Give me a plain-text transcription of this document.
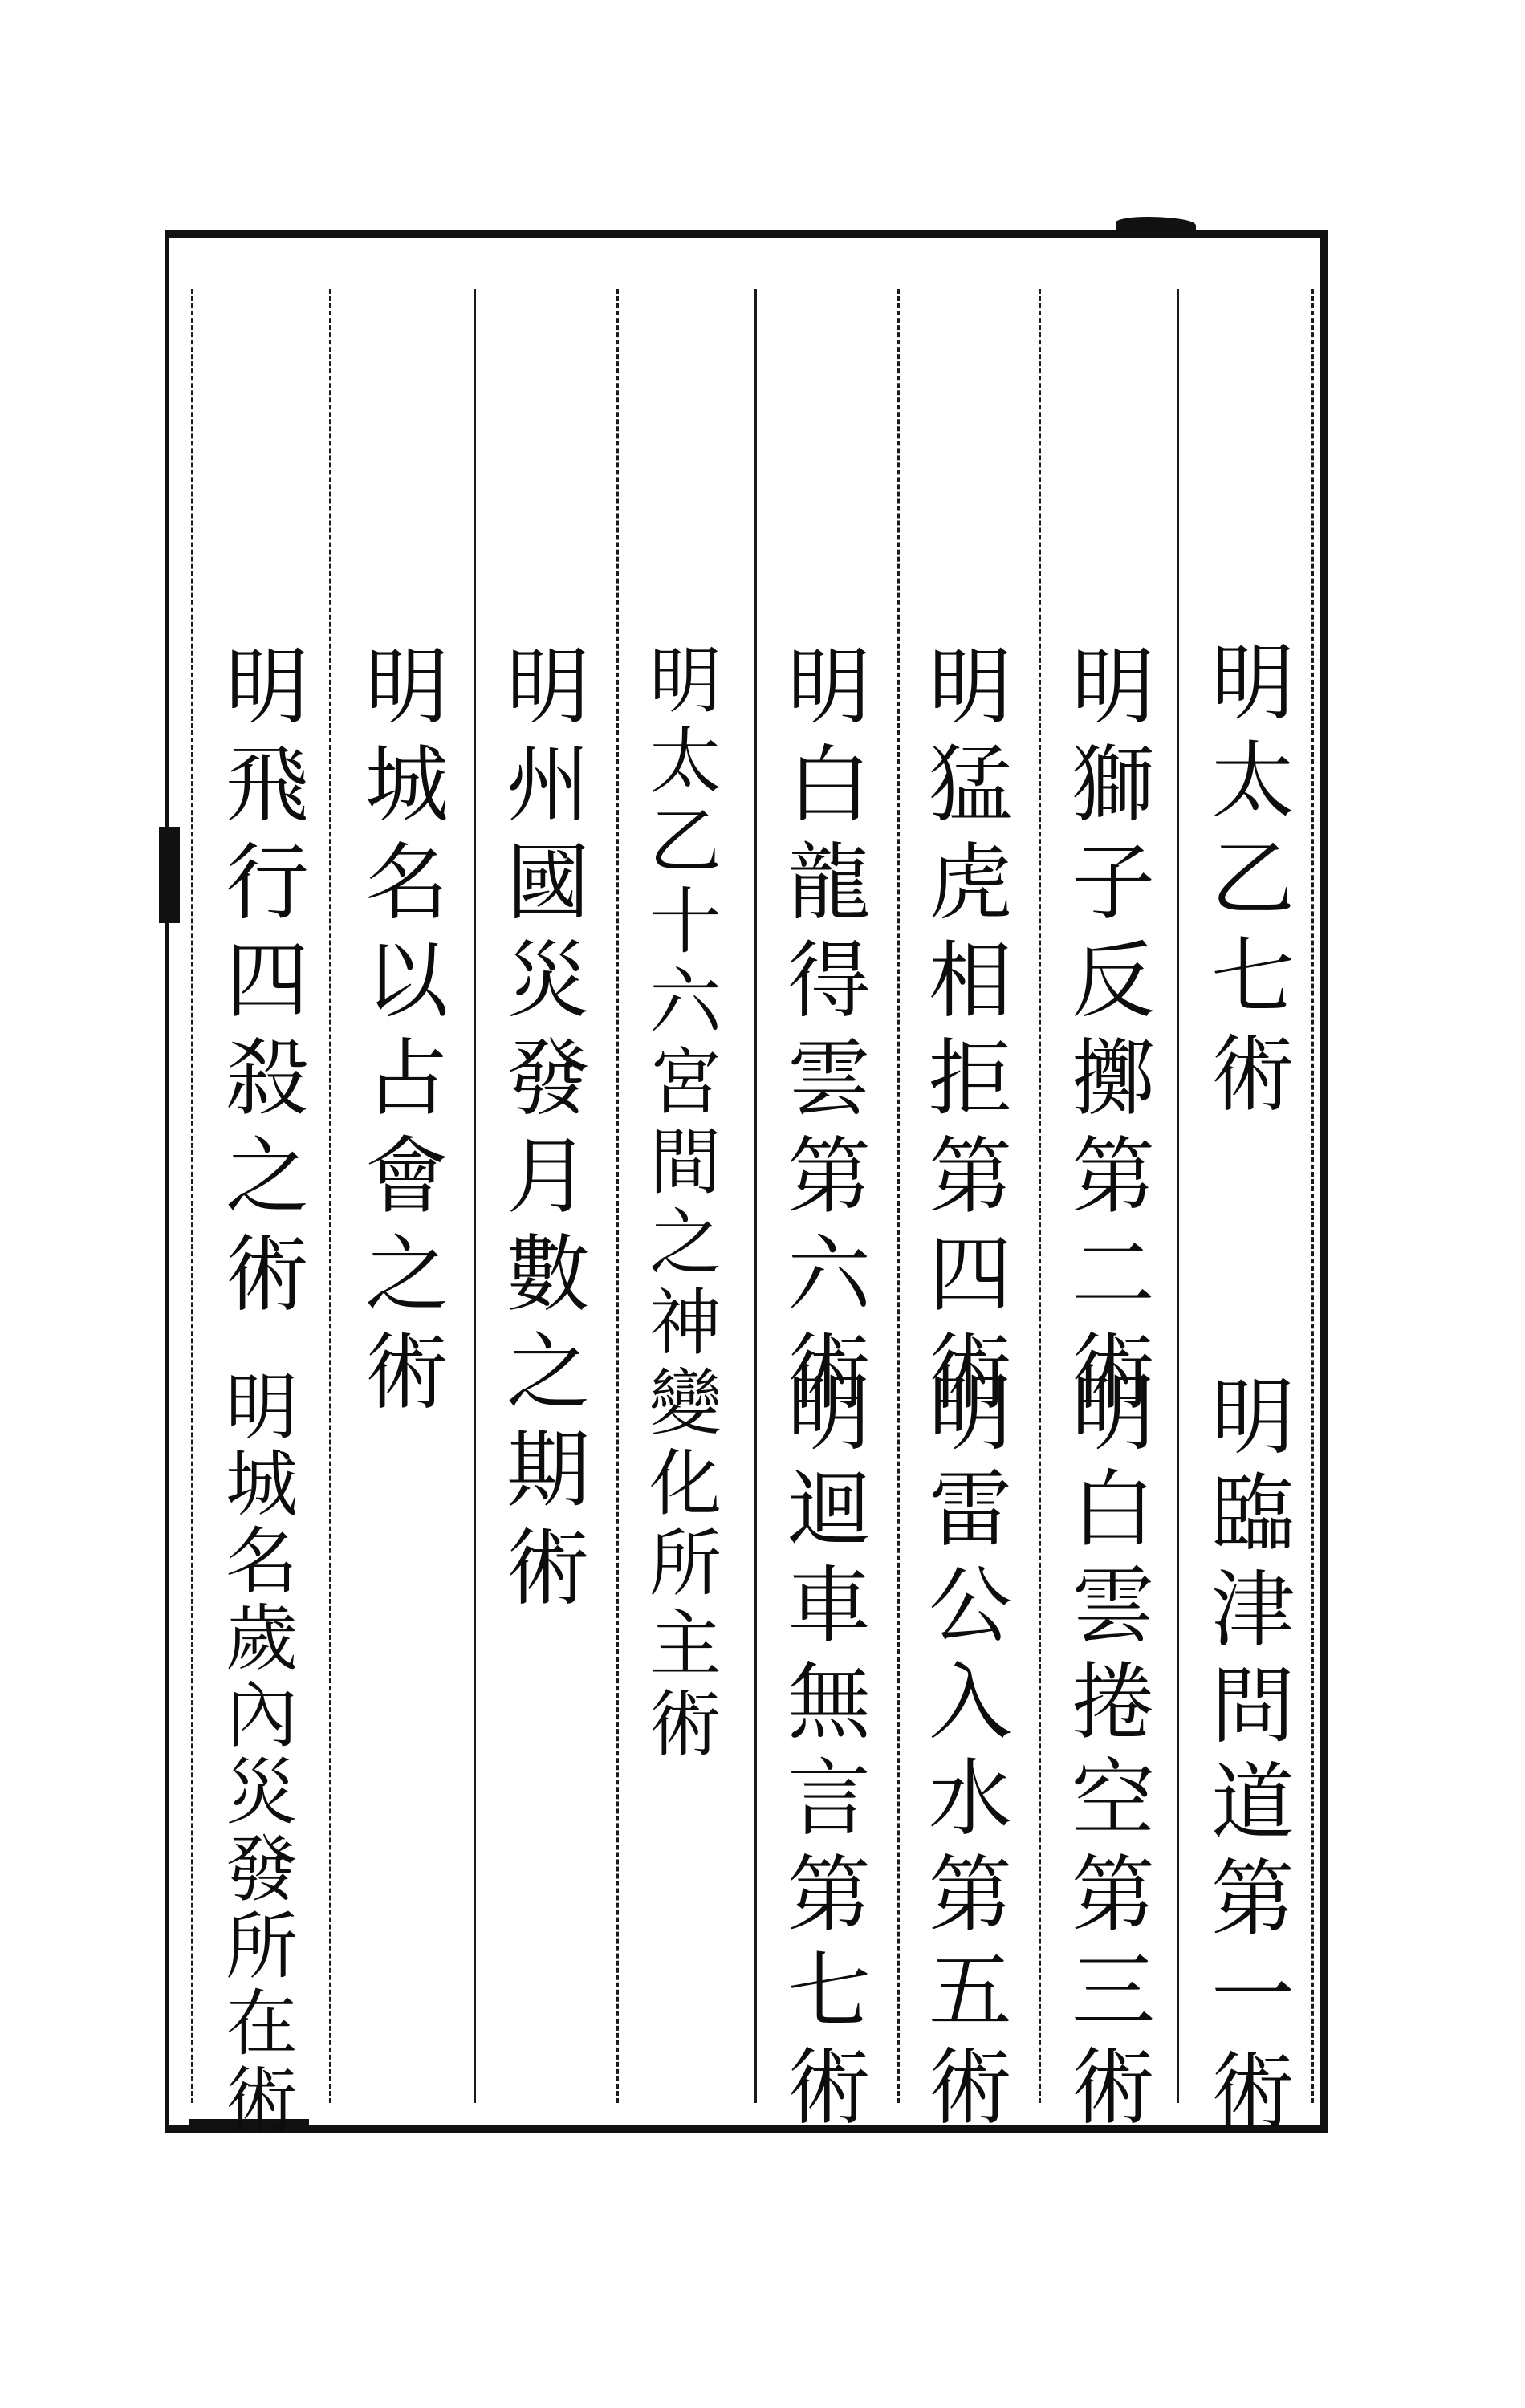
明太乙七術
明臨津問道第一術
明獅子反擲第二術
明白雲捲空第三術
明猛虎相拒第四術
明雷公入水第五術
明白龍得雲第六術
明迴車無言第七術
明太乙十六宮間之神變化所主術
明州國災發月數之期術
明城名以占會之術
明飛行四殺之術
明城名歲內災發所在術
